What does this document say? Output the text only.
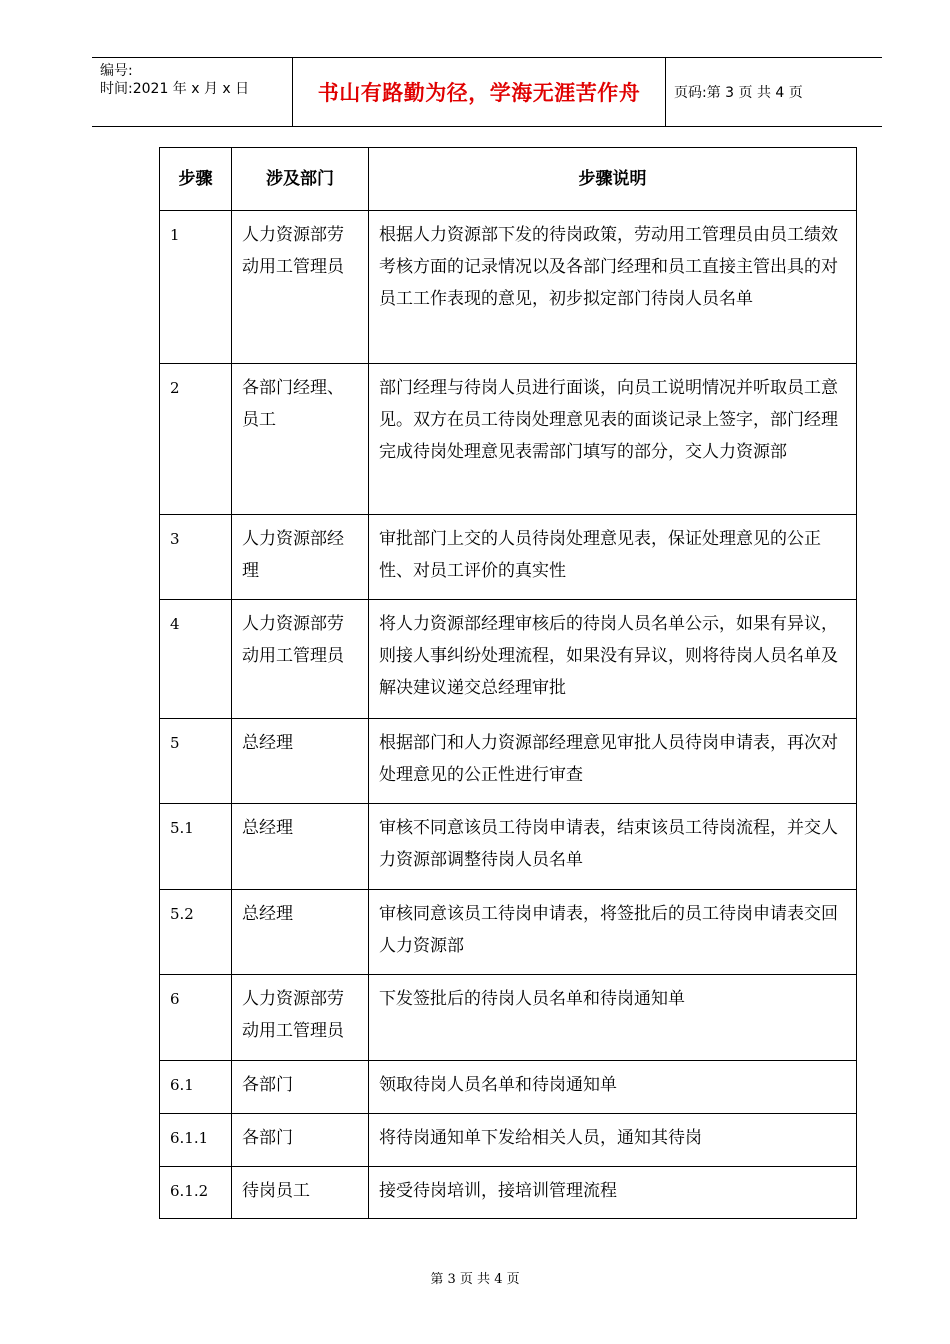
编号:
时间:2021 年 x 月 x 日	书山有路勤为径，学海无涯苦作舟	页码:第 3 页 共 4 页
步骤	涉及部门	步骤说明
1	人力资源部劳动用工管理员	根据人力资源部下发的待岗政策，劳动用工管理员由员工绩效考核方面的记录情况以及各部门经理和员工直接主管出具的对员工工作表现的意见，初步拟定部门待岗人员名单
2	各部门经理、员工	部门经理与待岗人员进行面谈，向员工说明情况并听取员工意见。双方在员工待岗处理意见表的面谈记录上签字，部门经理完成待岗处理意见表需部门填写的部分，交人力资源部
3	人力资源部经理	审批部门上交的人员待岗处理意见表，保证处理意见的公正性、对员工评价的真实性
4	人力资源部劳动用工管理员	将人力资源部经理审核后的待岗人员名单公示，如果有异议，则接人事纠纷处理流程，如果没有异议，则将待岗人员名单及解决建议递交总经理审批
5	总经理	根据部门和人力资源部经理意见审批人员待岗申请表，再次对处理意见的公正性进行审查
5.1	总经理	审核不同意该员工待岗申请表，结束该员工待岗流程，并交人力资源部调整待岗人员名单
5.2	总经理	审核同意该员工待岗申请表，将签批后的员工待岗申请表交回人力资源部
6	人力资源部劳动用工管理员	下发签批后的待岗人员名单和待岗通知单
6.1	各部门	领取待岗人员名单和待岗通知单
6.1.1	各部门	将待岗通知单下发给相关人员，通知其待岗
6.1.2	待岗员工	接受待岗培训，接培训管理流程
第 3 页 共 4 页
